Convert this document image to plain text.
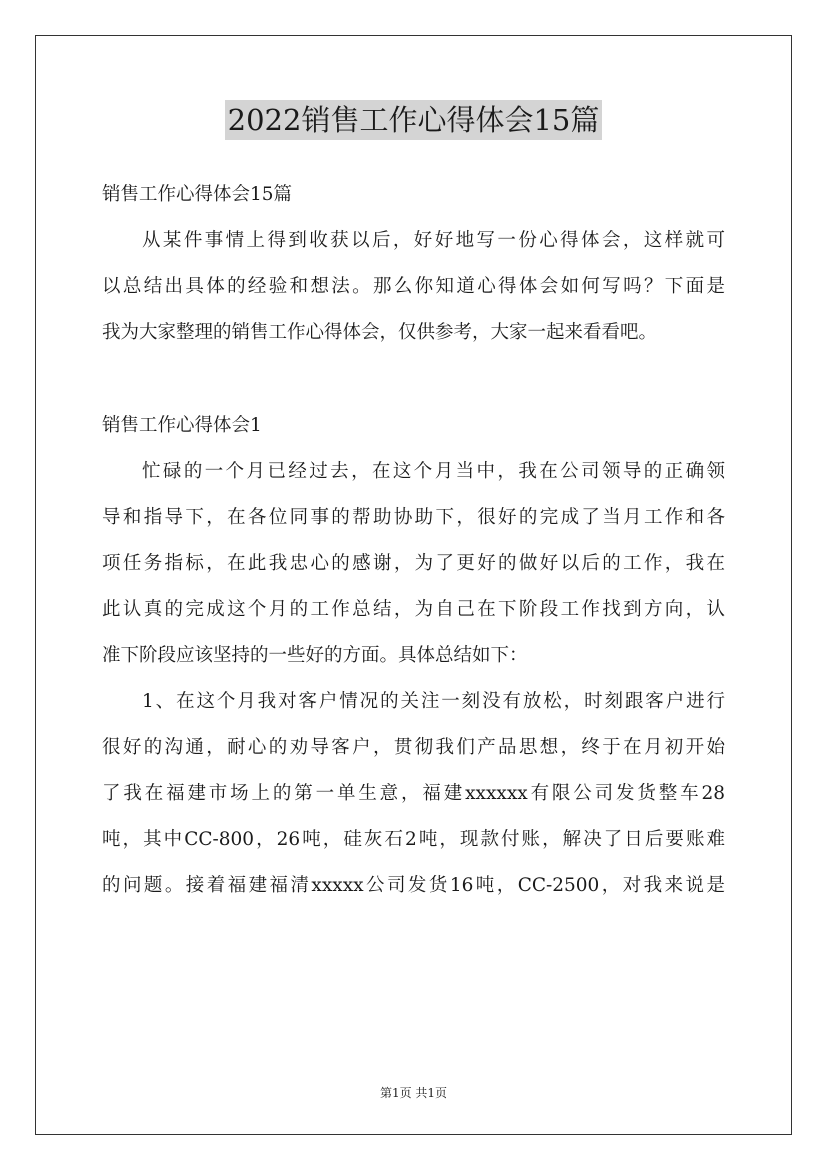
2022销售工作心得体会15篇
销售工作心得体会15篇
从某件事情上得到收获以后，好好地写一份心得体会，这样就可
以总结出具体的经验和想法。那么你知道心得体会如何写吗？下面是
我为大家整理的销售工作心得体会，仅供参考，大家一起来看看吧。
销售工作心得体会1
忙碌的一个月已经过去，在这个月当中，我在公司领导的正确领
导和指导下，在各位同事的帮助协助下，很好的完成了当月工作和各
项任务指标，在此我忠心的感谢，为了更好的做好以后的工作，我在
此认真的完成这个月的工作总结，为自己在下阶段工作找到方向，认
准下阶段应该坚持的一些好的方面。具体总结如下：
1、在这个月我对客户情况的关注一刻没有放松，时刻跟客户进行
很好的沟通，耐心的劝导客户，贯彻我们产品思想，终于在月初开始
了我在福建市场上的第一单生意，福建xxxxxx有限公司发货整车28
吨，其中CC-800，26吨，硅灰石2吨，现款付账，解决了日后要账难
的问题。接着福建福清xxxxx公司发货16吨，CC-2500，对我来说是
第1页 共1页
